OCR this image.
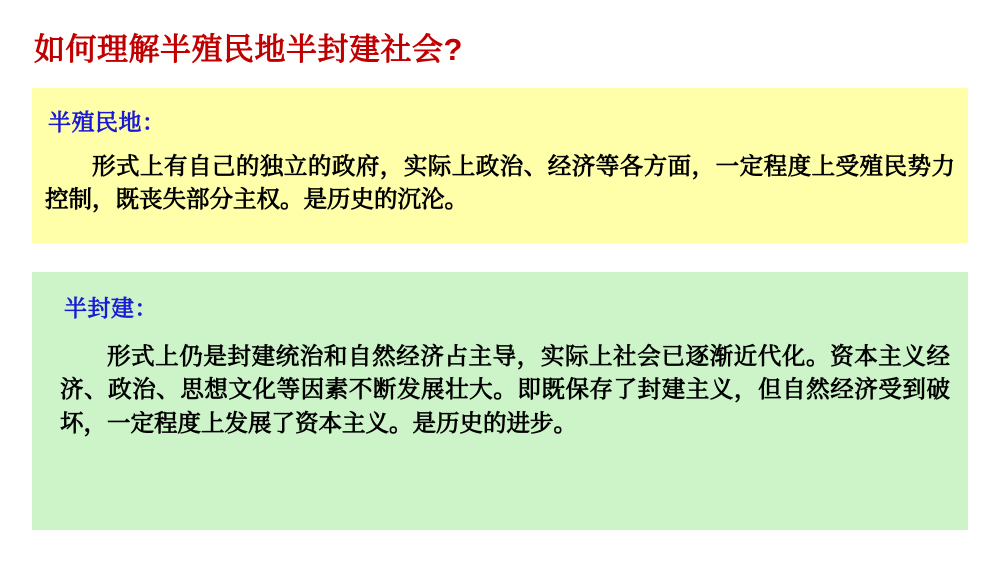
如何理解半殖民地半封建社会?
半殖民地：
形式上有自己的独立的政府，实际上政治、经济等各方面，一定程度上受殖民势力控制，既丧失部分主权。是历史的沉沦。
半封建：
形式上仍是封建统治和自然经济占主导，实际上社会已逐渐近代化。资本主义经济、政治、思想文化等因素不断发展壮大。即既保存了封建主义，但自然经济受到破坏，一定程度上发展了资本主义。是历史的进步。
